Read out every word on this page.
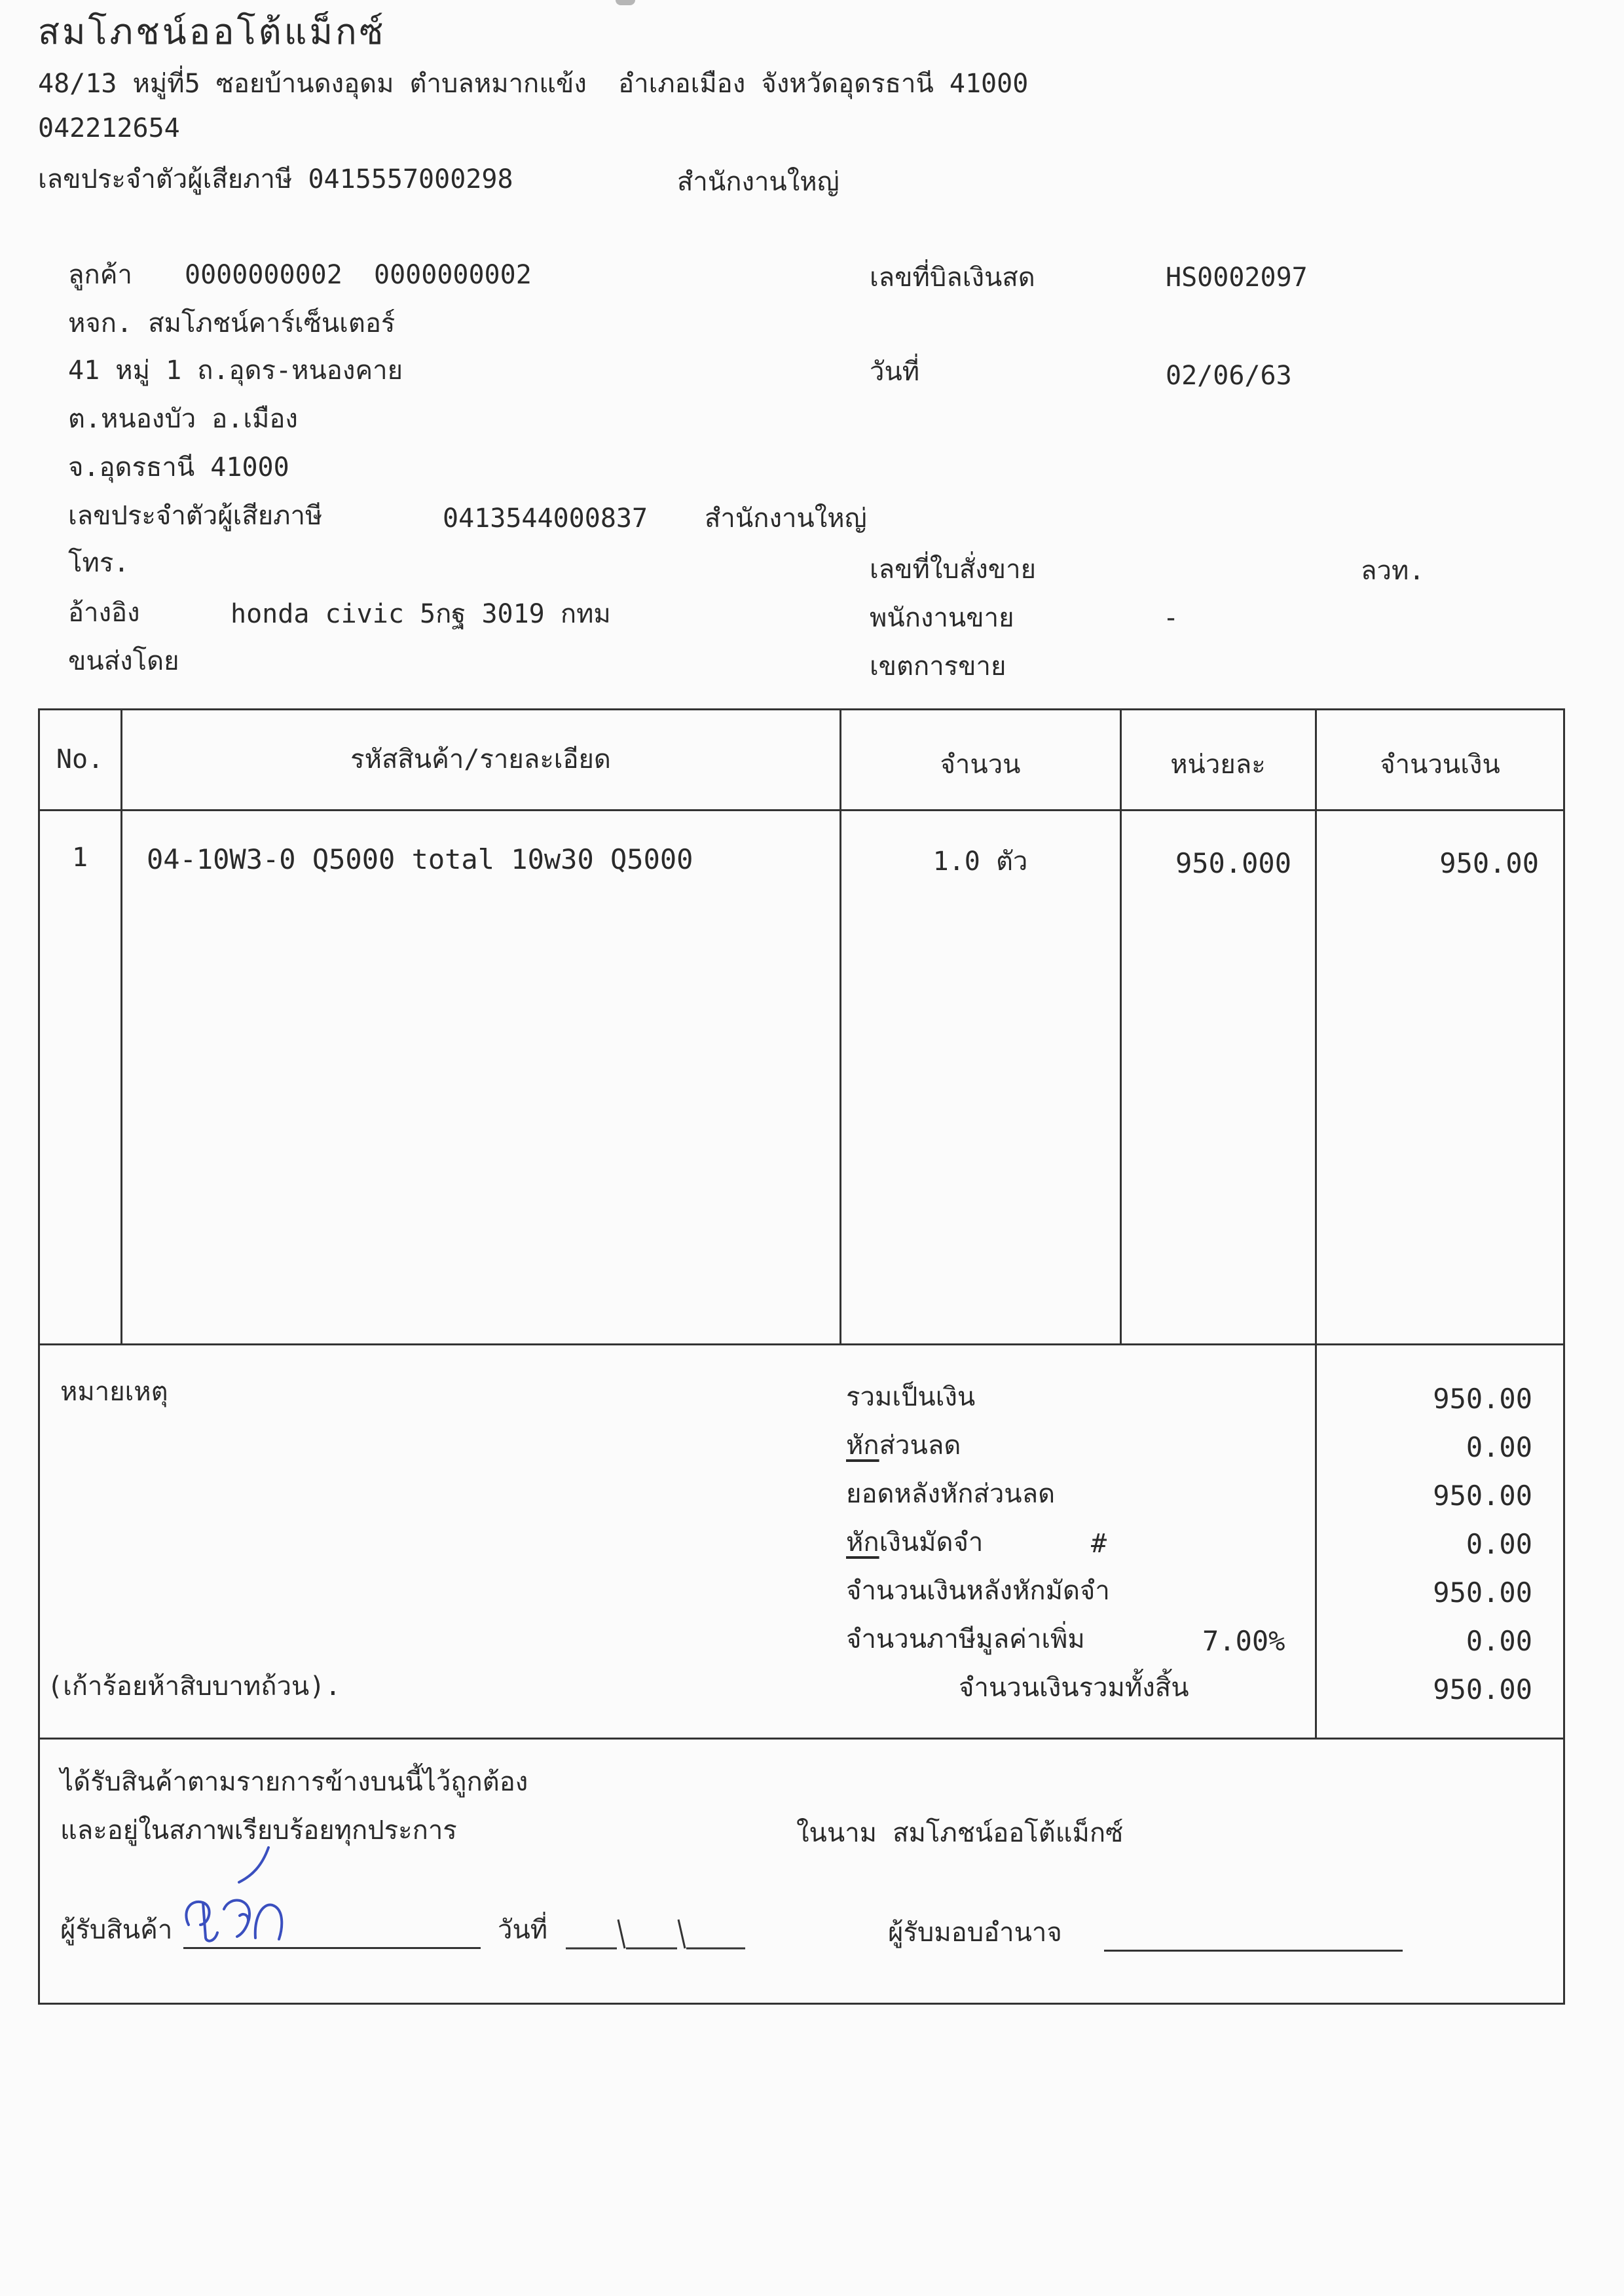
สมโภชน์ออโต้แม็กซ์
48/13 หมู่ที่5 ซอยบ้านดงอุดม ตำบลหมากแข้ง  อำเภอเมือง จังหวัดอุดรธานี 41000
042212654
เลขประจำตัวผู้เสียภาษี 0415557000298	สำนักงานใหญ่
ลูกค้า 0000000002  0000000002
หจก. สมโภชน์คาร์เซ็นเตอร์
41 หมู่ 1 ถ.อุดร-หนองคาย
ต.หนองบัว อ.เมือง
จ.อุดรธานี 41000
เลขประจำตัวผู้เสียภาษี	0413544000837 สำนักงานใหญ่
โทร.
อ้างอิง	honda civic 5กฐ 3019 กทม
ขนส่งโดย
เลขที่บิลเงินสด	HS0002097
วันที่	02/06/63
เลขที่ใบสั่งขาย	ลวท.
พนักงานขาย	-
เขตการขาย
No.	รหัสสินค้า/รายละเอียด	จำนวน	หน่วยละ	จำนวนเงิน
1	04-10W3-0 Q5000 total 10w30 Q5000	1.0 ตัว	950.000	950.00
หมายเหตุ
(เก้าร้อยห้าสิบบาทถ้วน).
รวมเป็นเงิน	950.00
หักส่วนลด	0.00
ยอดหลังหักส่วนลด	950.00
หักเงินมัดจำ	#	0.00
จำนวนเงินหลังหักมัดจำ	950.00
จำนวนภาษีมูลค่าเพิ่ม	7.00%	0.00
จำนวนเงินรวมทั้งสิ้น	950.00
ได้รับสินค้าตามรายการข้างบนนี้ไว้ถูกต้อง
และอยู่ในสภาพเรียบร้อยทุกประการ	ในนาม สมโภชน์ออโต้แม็กซ์
ผู้รับสินค้า	วันที่	ผู้รับมอบอำนาจ
